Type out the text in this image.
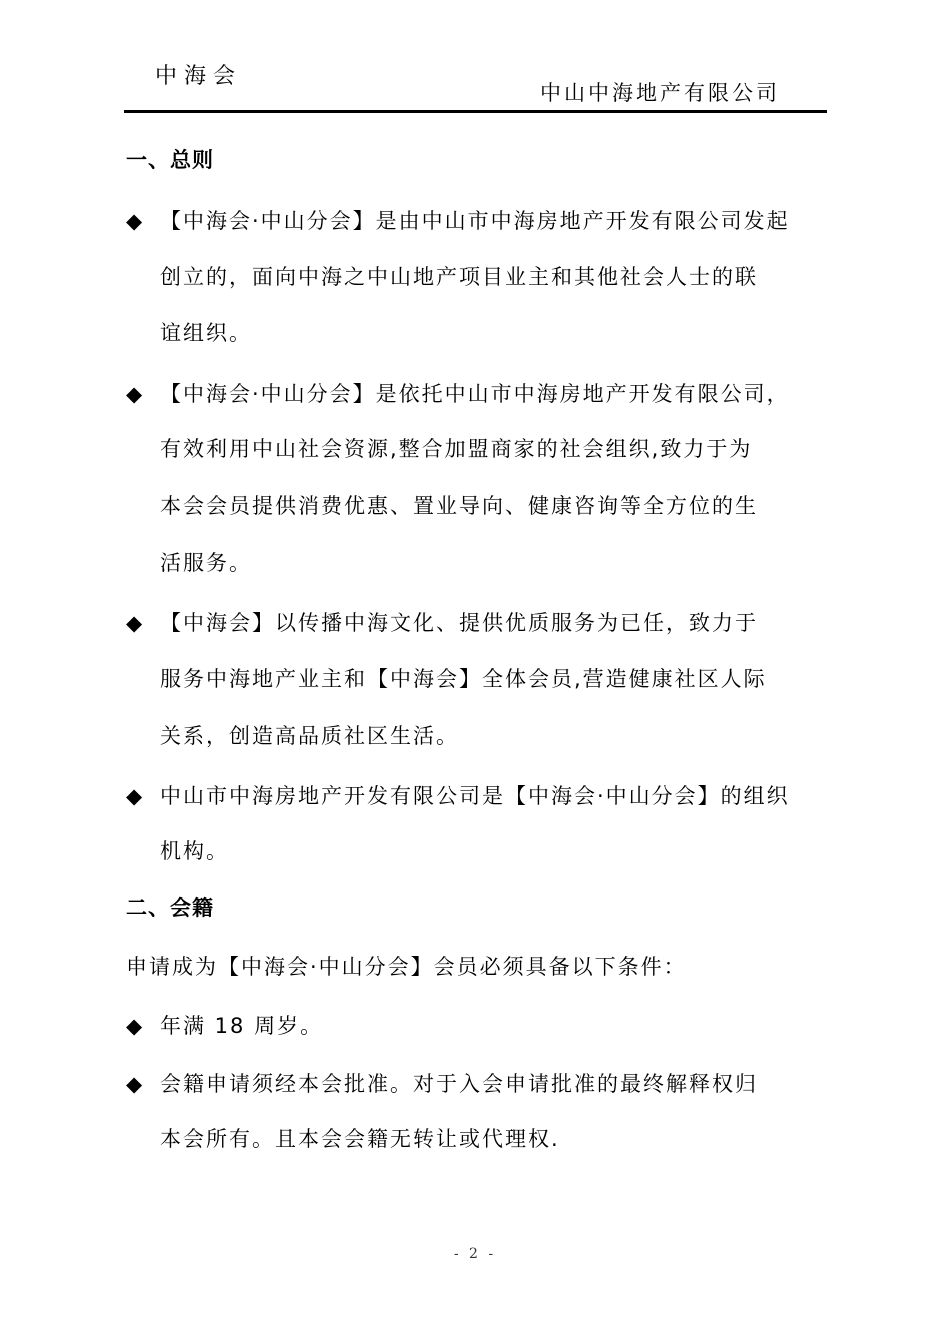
中海会
中山中海地产有限公司
一、总则
◆ 【中海会·中山分会】是由中山市中海房地产开发有限公司发起
创立的，面向中海之中山地产项目业主和其他社会人士的联
谊组织。
◆ 【中海会·中山分会】是依托中山市中海房地产开发有限公司，
有效利用中山社会资源,整合加盟商家的社会组织,致力于为
本会会员提供消费优惠、置业导向、健康咨询等全方位的生
活服务。
◆ 【中海会】以传播中海文化、提供优质服务为已任，致力于
服务中海地产业主和【中海会】全体会员,营造健康社区人际
关系，创造高品质社区生活。
◆ 中山市中海房地产开发有限公司是【中海会·中山分会】的组织
机构。
二、会籍
申请成为【中海会·中山分会】会员必须具备以下条件：
◆ 年满 18 周岁。
◆ 会籍申请须经本会批准。对于入会申请批准的最终解释权归
本会所有。且本会会籍无转让或代理权.
- 2 -
